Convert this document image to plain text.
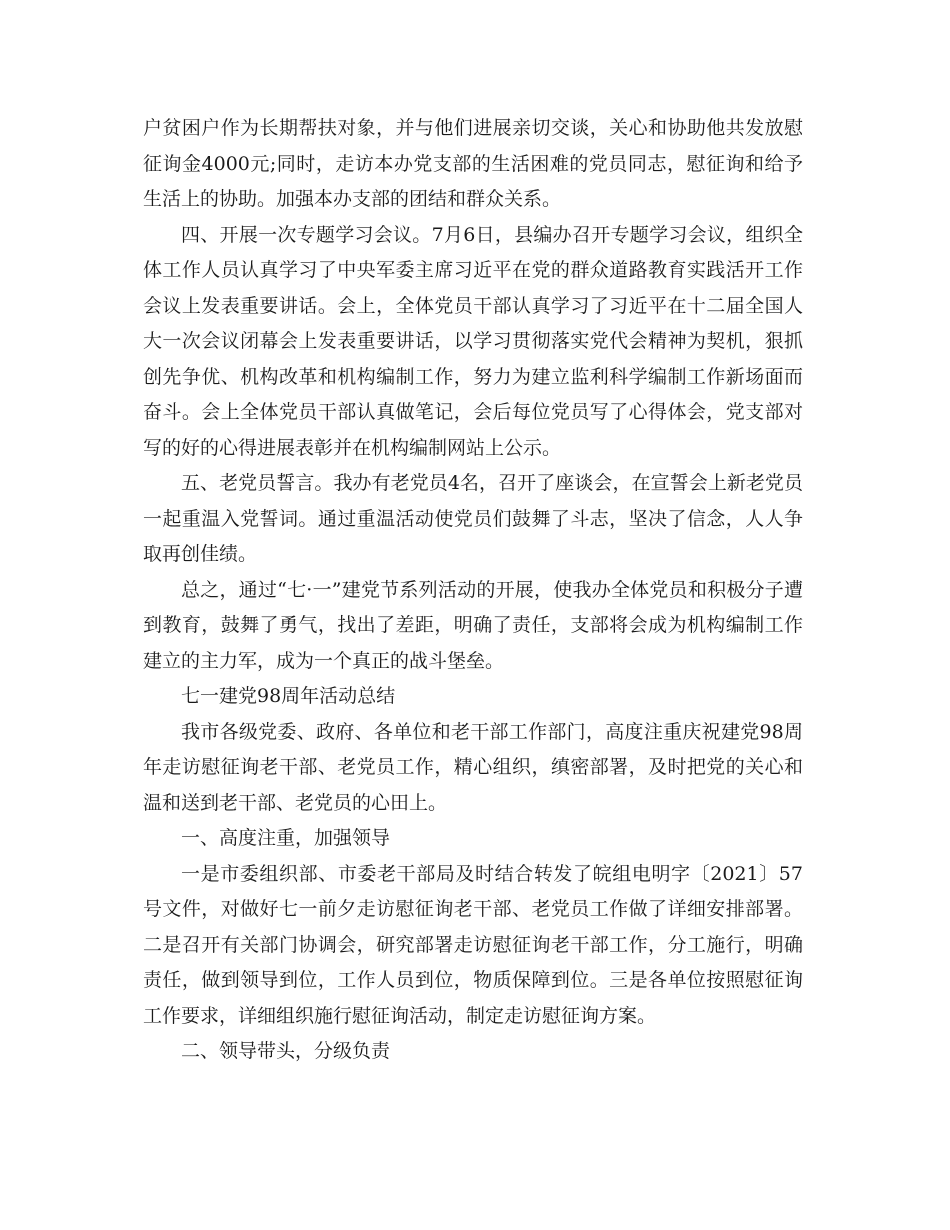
户贫困户作为长期帮扶对象，并与他们进展亲切交谈，关心和协助他共发放慰征询金4000元;同时，走访本办党支部的生活困难的党员同志，慰征询和给予生活上的协助。加强本办支部的团结和群众关系。

四、开展一次专题学习会议。7月6日，县编办召开专题学习会议，组织全体工作人员认真学习了中央军委主席习近平在党的群众道路教育实践活开工作会议上发表重要讲话。会上，全体党员干部认真学习了习近平在十二届全国人大一次会议闭幕会上发表重要讲话，以学习贯彻落实党代会精神为契机，狠抓创先争优、机构改革和机构编制工作，努力为建立监利科学编制工作新场面而奋斗。会上全体党员干部认真做笔记，会后每位党员写了心得体会，党支部对写的好的心得进展表彰并在机构编制网站上公示。

五、老党员誓言。我办有老党员4名，召开了座谈会，在宣誓会上新老党员一起重温入党誓词。通过重温活动使党员们鼓舞了斗志，坚决了信念，人人争取再创佳绩。

总之，通过“七·一”建党节系列活动的开展，使我办全体党员和积极分子遭到教育，鼓舞了勇气，找出了差距，明确了责任，支部将会成为机构编制工作建立的主力军，成为一个真正的战斗堡垒。

七一建党98周年活动总结

我市各级党委、政府、各单位和老干部工作部门，高度注重庆祝建党98周年走访慰征询老干部、老党员工作，精心组织，缜密部署，及时把党的关心和温和送到老干部、老党员的心田上。

一、高度注重，加强领导

一是市委组织部、市委老干部局及时结合转发了皖组电明字〔2021〕57号文件，对做好七一前夕走访慰征询老干部、老党员工作做了详细安排部署。二是召开有关部门协调会，研究部署走访慰征询老干部工作，分工施行，明确责任，做到领导到位，工作人员到位，物质保障到位。三是各单位按照慰征询工作要求，详细组织施行慰征询活动，制定走访慰征询方案。

二、领导带头，分级负责
